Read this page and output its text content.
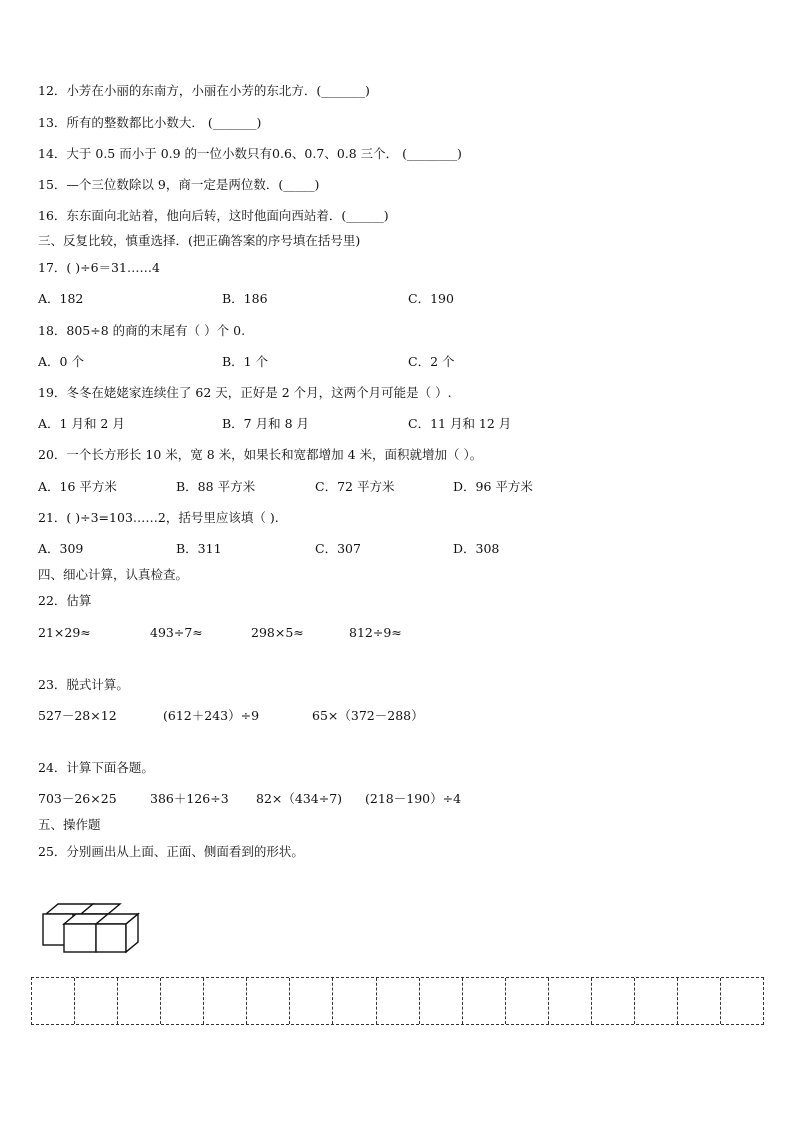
12．小芳在小丽的东南方，小丽在小芳的东北方．(_______)
13．所有的整数都比小数大． (_______)
14．大于 0.5 而小于 0.9 的一位小数只有0.6、0.7、0.8 三个． (________)
15．—个三位数除以 9，商一定是两位数．(_____)
16．东东面向北站着，他向后转，这时他面向西站着．(______)
三、反复比较，慎重选择．(把正确答案的序号填在括号里)
17．( )÷6＝31……4
A．182	B．186	C．190
18．805÷8 的商的末尾有（ ）个 0.
A．0 个	B．1 个	C．2 个
19．冬冬在姥姥家连续住了 62 天，正好是 2 个月，这两个月可能是（ ）.
A．1 月和 2 月	B．7 月和 8 月	C．11 月和 12 月
20．一个长方形长 10 米，宽 8 米，如果长和宽都增加 4 米，面积就增加（ ）。
A．16 平方米	B．88 平方米	C．72 平方米	D．96 平方米
21．( )÷3=103……2，括号里应该填（ ).
A．309	B．311	C．307	D．308
四、细心计算，认真检查。
22．估算
21×29≈	493÷7≈	298×5≈	812÷9≈
23．脱式计算。
527－28×12	(612＋243）÷9	65×（372－288）
24．计算下面各题。
703－26×25	386＋126÷3 82×（434÷7) (218－190）÷4
五、操作题
25．分别画出从上面、正面、侧面看到的形状。
